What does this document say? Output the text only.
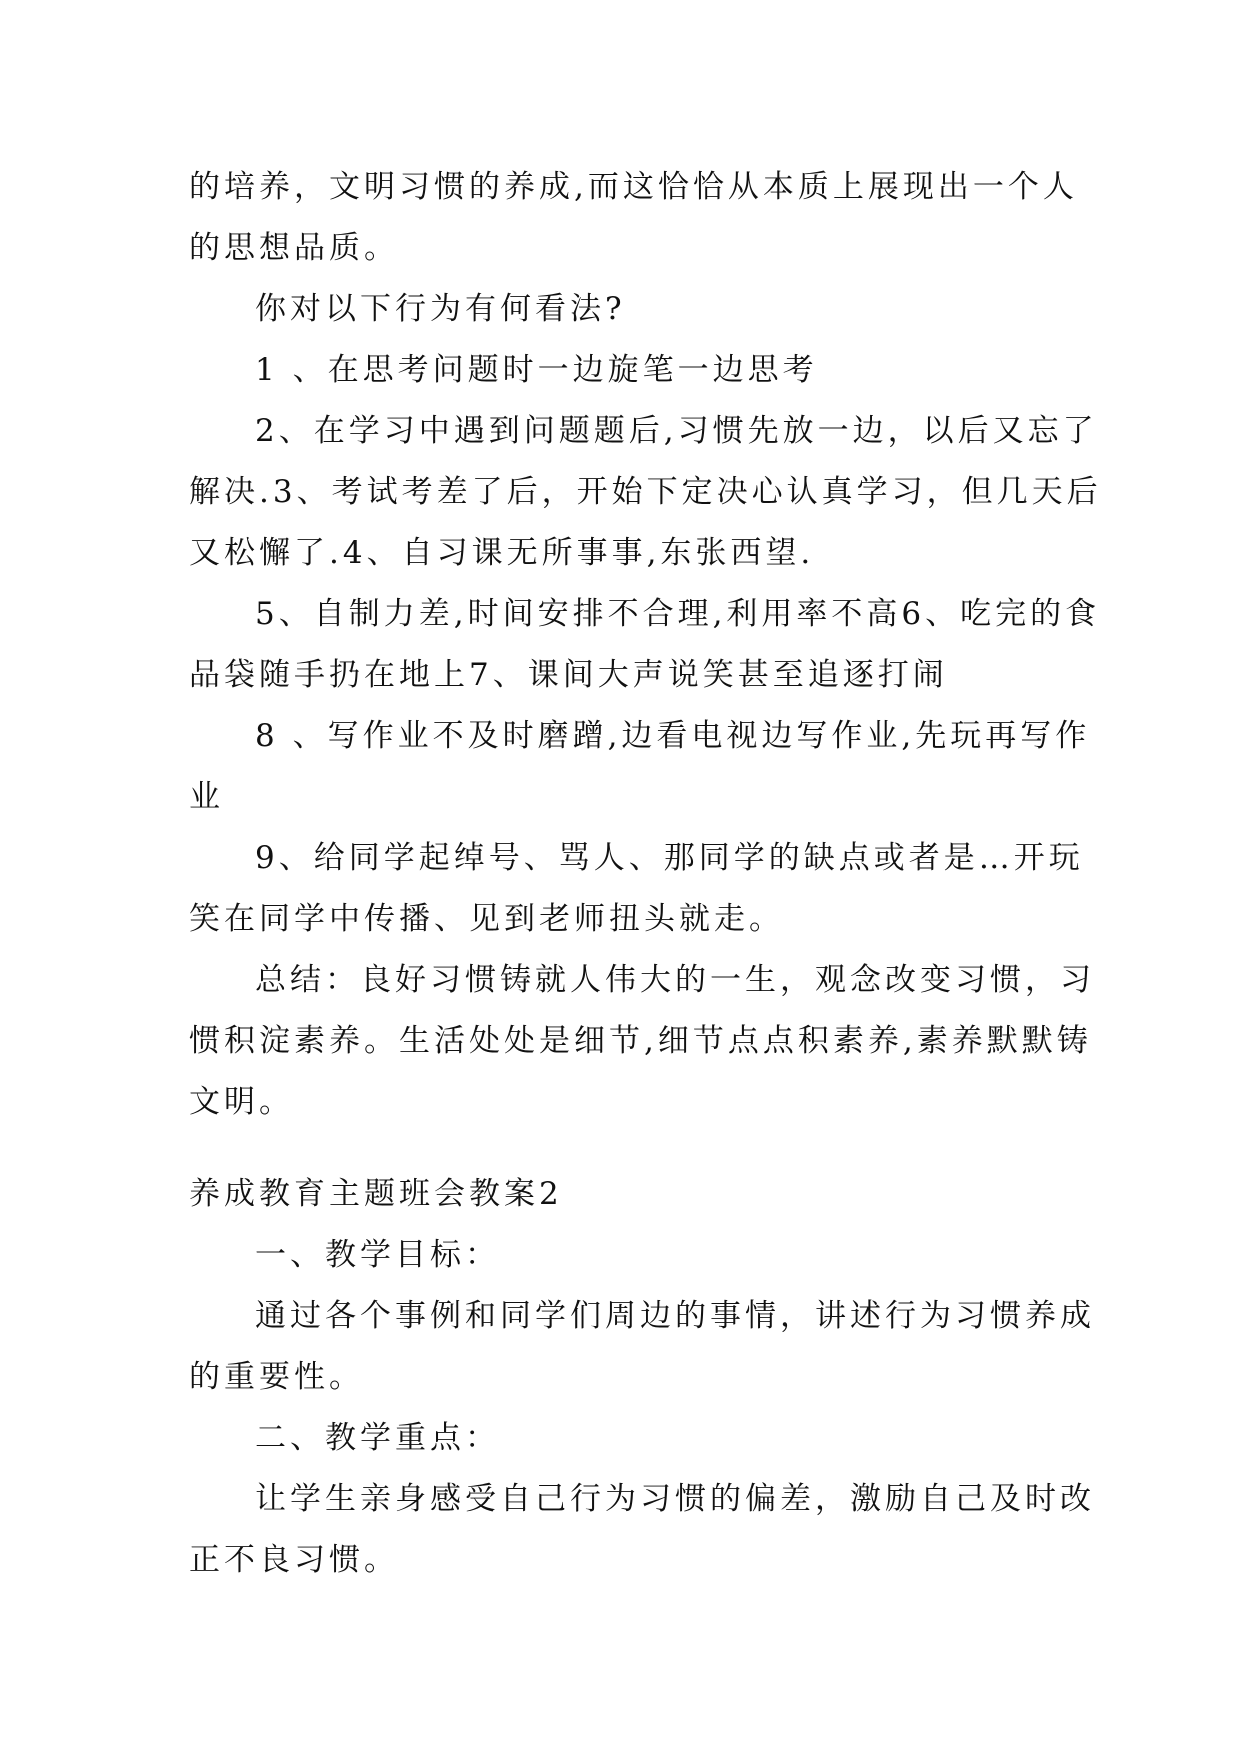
的培养，文明习惯的养成,而这恰恰从本质上展现出一个人
的思想品质。
你对以下行为有何看法?
1 、在思考问题时一边旋笔一边思考
2、在学习中遇到问题题后,习惯先放一边，以后又忘了
解决.3、考试考差了后，开始下定决心认真学习，但几天后
又松懈了.4、自习课无所事事,东张西望.
5、自制力差,时间安排不合理,利用率不高6、吃完的食
品袋随手扔在地上7、课间大声说笑甚至追逐打闹
8 、写作业不及时磨蹭,边看电视边写作业,先玩再写作
业
9、给同学起绰号、骂人、那同学的缺点或者是…开玩
笑在同学中传播、见到老师扭头就走。
总结：良好习惯铸就人伟大的一生，观念改变习惯，习
惯积淀素养。生活处处是细节,细节点点积素养,素养默默铸
文明。
养成教育主题班会教案2
一、教学目标：
通过各个事例和同学们周边的事情，讲述行为习惯养成
的重要性。
二、教学重点：
让学生亲身感受自己行为习惯的偏差，激励自己及时改
正不良习惯。
